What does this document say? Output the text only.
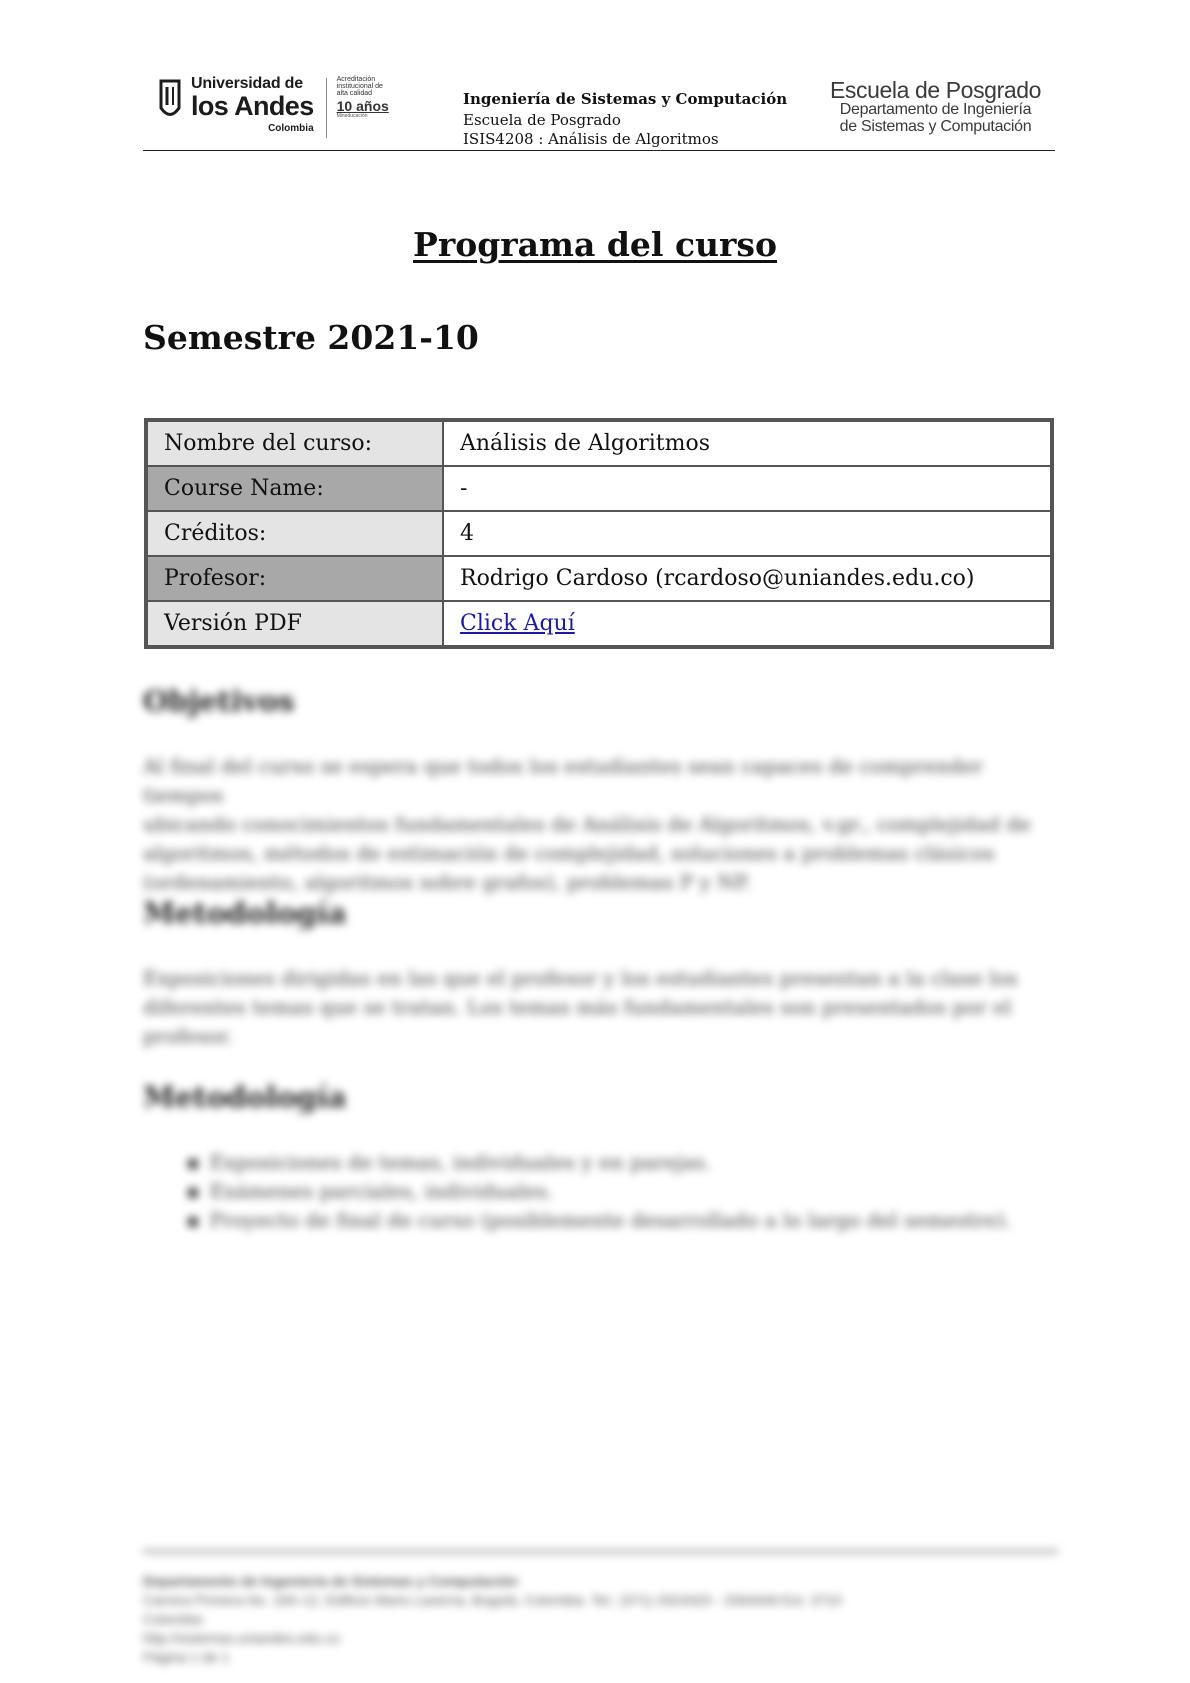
Universidad de
los Andes
Colombia
Acreditación institucional de alta calidad
10 años
Mineducación
Ingeniería de Sistemas y Computación
Escuela de Posgrado
ISIS4208 : Análisis de Algoritmos
Escuela de Posgrado
Departamento de Ingeniería
de Sistemas y Computación
Programa del curso
Semestre 2021-10
Nombre del curso:	Análisis de Algoritmos
Course Name:	-
Créditos:	4
Profesor:	Rodrigo Cardoso (rcardoso@uniandes.edu.co)
Versión PDF	Click Aquí
Objetivos
Al final del curso se espera que todos los estudiantes sean capaces de comprender tiempos
ubicando conocimientos fundamentales de Análisis de Algoritmos, v.gr., complejidad de
algoritmos, métodos de estimación de complejidad, soluciones a problemas clásicos
(ordenamiento, algoritmos sobre grafos), problemas P y NP.
Metodología
Exposiciones dirigidas en las que el profesor y los estudiantes presentan a la clase los
diferentes temas que se tratan. Los temas más fundamentales son presentados por el
profesor.
Metodología
▪ Exposiciones de temas, individuales y en parejas.
▪ Exámenes parciales, individuales.
▪ Proyecto de final de curso (posiblemente desarrollado a lo largo del semestre).
Departamento de Ingeniería de Sistemas y Computación
Carrera Primera No. 18A-12, Edificio Mario Laserna, Bogotá, Colombia. Tel.: (571) 3324320 - 3394949 Ext. 3710
Colombia
http://sistemas.uniandes.edu.co
Página 1 de 1
